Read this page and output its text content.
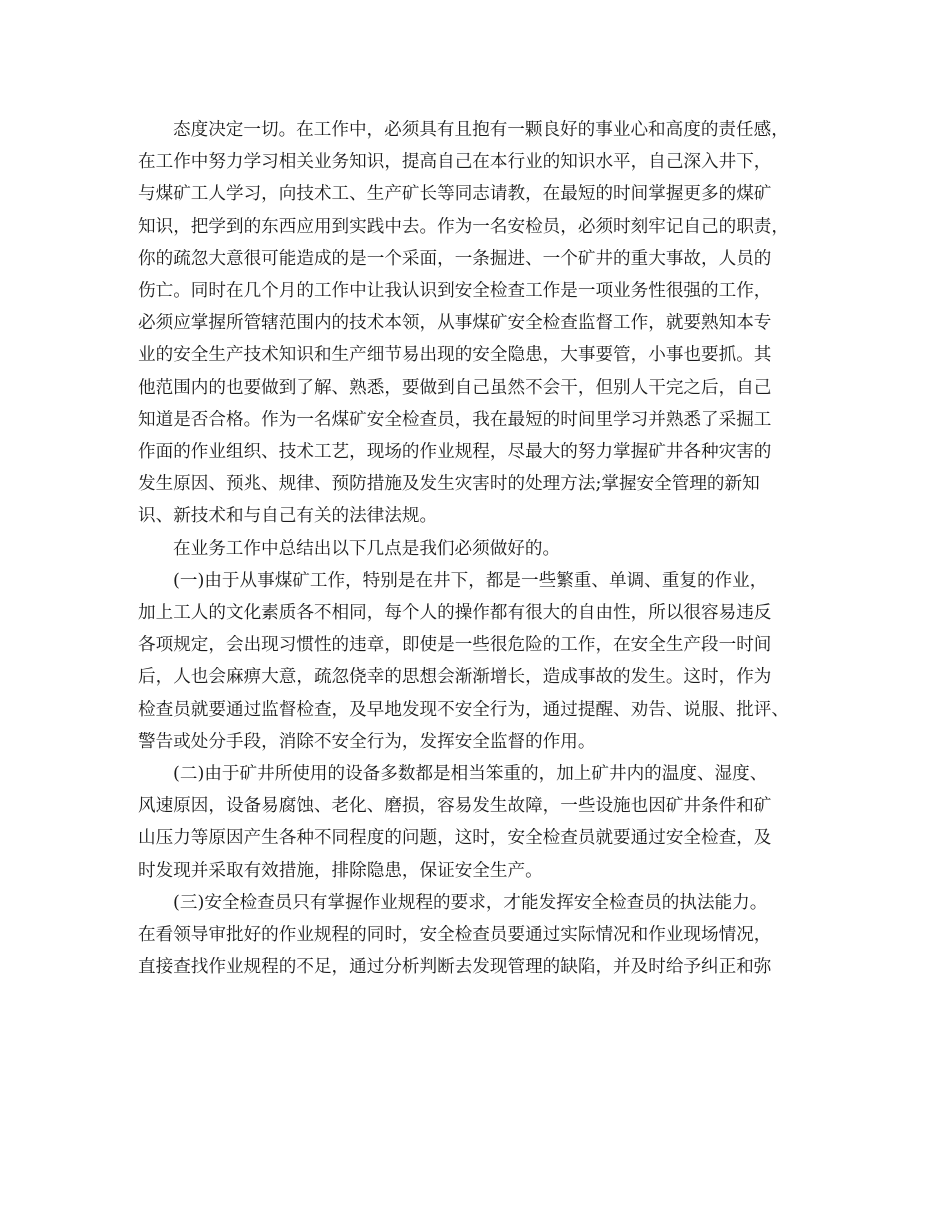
态度决定一切。在工作中，必须具有且抱有一颗良好的事业心和高度的责任感，
在工作中努力学习相关业务知识，提高自己在本行业的知识水平，自己深入井下，
与煤矿工人学习，向技术工、生产矿长等同志请教，在最短的时间掌握更多的煤矿
知识，把学到的东西应用到实践中去。作为一名安检员，必须时刻牢记自己的职责，
你的疏忽大意很可能造成的是一个采面，一条掘进、一个矿井的重大事故，人员的
伤亡。同时在几个月的工作中让我认识到安全检查工作是一项业务性很强的工作，
必须应掌握所管辖范围内的技术本领，从事煤矿安全检查监督工作，就要熟知本专
业的安全生产技术知识和生产细节易出现的安全隐患，大事要管，小事也要抓。其
他范围内的也要做到了解、熟悉，要做到自己虽然不会干，但别人干完之后，自己
知道是否合格。作为一名煤矿安全检查员，我在最短的时间里学习并熟悉了采掘工
作面的作业组织、技术工艺，现场的作业规程，尽最大的努力掌握矿井各种灾害的
发生原因、预兆、规律、预防措施及发生灾害时的处理方法;掌握安全管理的新知
识、新技术和与自己有关的法律法规。

在业务工作中总结出以下几点是我们必须做好的。

(一)由于从事煤矿工作，特别是在井下，都是一些繁重、单调、重复的作业，
加上工人的文化素质各不相同，每个人的操作都有很大的自由性，所以很容易违反
各项规定，会出现习惯性的违章，即使是一些很危险的工作，在安全生产段一时间
后，人也会麻痹大意，疏忽侥幸的思想会渐渐增长，造成事故的发生。这时，作为
检查员就要通过监督检查，及早地发现不安全行为，通过提醒、劝告、说服、批评、
警告或处分手段，消除不安全行为，发挥安全监督的作用。

(二)由于矿井所使用的设备多数都是相当笨重的，加上矿井内的温度、湿度、
风速原因，设备易腐蚀、老化、磨损，容易发生故障，一些设施也因矿井条件和矿
山压力等原因产生各种不同程度的问题，这时，安全检查员就要通过安全检查，及
时发现并采取有效措施，排除隐患，保证安全生产。

(三)安全检查员只有掌握作业规程的要求，才能发挥安全检查员的执法能力。
在看领导审批好的作业规程的同时，安全检查员要通过实际情况和作业现场情况，
直接查找作业规程的不足，通过分析判断去发现管理的缺陷，并及时给予纠正和弥
